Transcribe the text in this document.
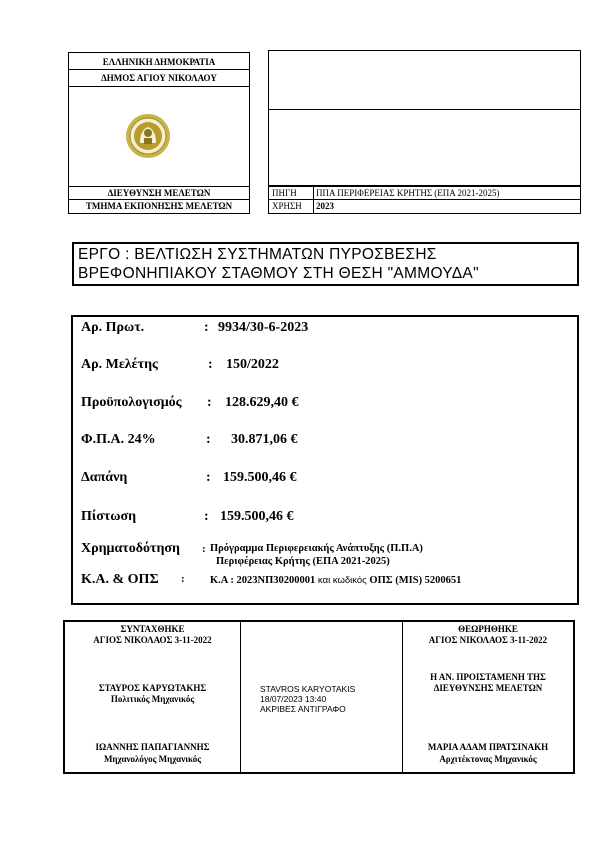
ΕΛΛΗΝΙΚΗ ΔΗΜΟΚΡΑΤΙΑ
ΔΗΜΟΣ ΑΓΙΟΥ ΝΙΚΟΛΑΟΥ
ΔΙΕΥΘΥΝΣΗ ΜΕΛΕΤΩΝ
ΤΜΗΜΑ ΕΚΠΟΝΗΣΗΣ ΜΕΛΕΤΩΝ
ΠΗΓΗ ΠΠΑ ΠΕΡΙΦΕΡΕΙΑΣ ΚΡΗΤΗΣ (ΕΠΑ 2021-2025)
ΧΡΗΣΗ 2023
ΕΡΓΟ : ΒΕΛΤΙΩΣΗ ΣΥΣΤΗΜΑΤΩΝ ΠΥΡΟΣΒΕΣΗΣ
ΒΡΕΦΟΝΗΠΙΑΚΟΥ ΣΤΑΘΜΟΥ ΣΤΗ ΘΕΣΗ "ΑΜΜΟΥΔΑ"
Αρ. Πρωτ.	: 9934/30-6-2023
Αρ. Μελέτης	: 150/2022
Προϋπολογισμός : 128.629,40 €
Φ.Π.Α. 24%	: 30.871,06 €
Δαπάνη	: 159.500,46 €
Πίστωση	: 159.500,46 €
Χρηματοδότηση : Πρόγραμμα Περιφερειακής Ανάπτυξης (Π.Π.Α)
Περιφέρειας Κρήτης (ΕΠΑ 2021-2025)
Κ.Α. & ΟΠΣ : Κ.Α : 2023ΝΠ30200001 και κωδικός ΟΠΣ (MIS) 5200651
ΣΥΝΤΑΧΘΗΚΕ
ΑΓΙΟΣ ΝΙΚΟΛΑΟΣ 3-11-2022
ΣΤΑΥΡΟΣ ΚΑΡΥΩΤΑΚΗΣ
Πολιτικός Μηχανικός
ΙΩΑΝΝΗΣ ΠΑΠΑΓΙΑΝΝΗΣ
Μηχανολόγος Μηχανικός
STAVROS KARYOTAKIS
18/07/2023 13:40
ΑΚΡΙΒΕΣ ΑΝΤΙΓΡΑΦΟ
ΘΕΩΡΗΘΗΚΕ
ΑΓΙΟΣ ΝΙΚΟΛΑΟΣ 3-11-2022
Η ΑΝ. ΠΡΟΙΣΤΑΜΕΝΗ ΤΗΣ
ΔΙΕΥΘΥΝΣΗΣ ΜΕΛΕΤΩΝ
ΜΑΡΙΑ ΑΔΑΜ ΠΡΑΤΣΙΝΑΚΗ
Αρχιτέκτονας Μηχανικός
